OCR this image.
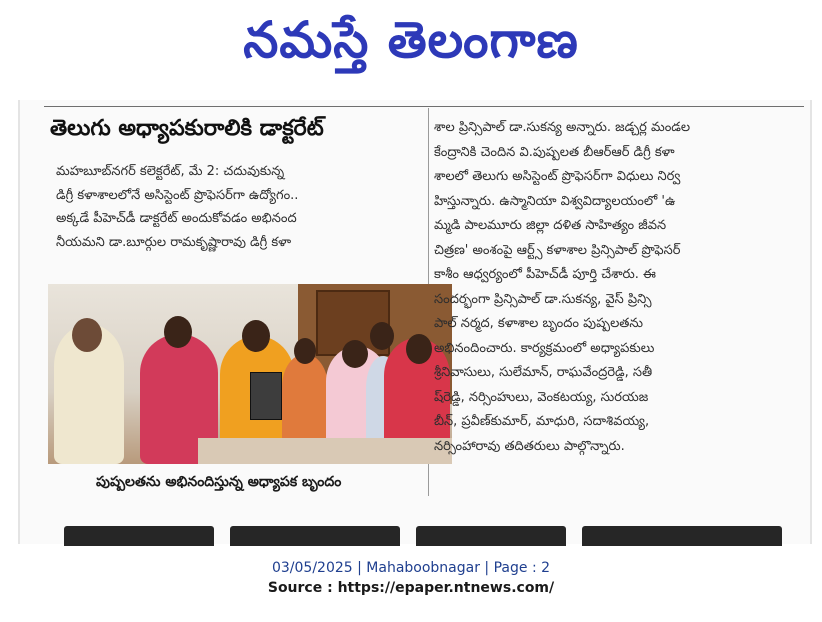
నమస్తే తెలంగాణ
తెలుగు అధ్యాపకురాలికి డాక్టరేట్

మహబూబ్‌నగర్ కలెక్టరేట్, మే 2: చదువుకున్న

డిగ్రీ కళాశాలలోనే అసిస్టెంట్ ప్రొఫెసర్‌గా ఉద్యోగం..

అక్కడే పీహెచ్‌డీ డాక్టరేట్ అందుకోవడం అభినంద

నీయమని డా.బూర్గుల రామకృష్ణారావు డిగ్రీ కళా

పుష్పలతను అభినందిస్తున్న అధ్యాపక బృందం

శాల ప్రిన్సిపాల్ డా.సుకన్య అన్నారు. జడ్చర్ల మండల

కేంద్రానికి చెందిన వి.పుష్పలత బీఆర్‌ఆర్ డిగ్రీ కళా

శాలలో తెలుగు అసిస్టెంట్ ప్రొఫెసర్‌గా విధులు నిర్వ

హిస్తున్నారు. ఉస్మానియా విశ్వవిద్యాలయంలో 'ఉ

మ్మడి పాలమూరు జిల్లా దళిత సాహిత్యం జీవన

చిత్రణ' అంశంపై ఆర్ట్స్ కళాశాల ప్రిన్సిపాల్ ప్రొఫెసర్

కాశీం ఆధ్వర్యంలో పీహెచ్‌డీ పూర్తి చేశారు. ఈ

సందర్భంగా ప్రిన్సిపాల్ డా.సుకన్య, వైస్ ప్రిన్సి

పాల్ నర్మద, కళాశాల బృందం పుష్పలతను

అభినందించారు. కార్యక్రమంలో అధ్యాపకులు

శ్రీనివాసులు, సులేమాన్, రాఘవేంద్రరెడ్డి, సతీ

ష్‌రెడ్డి, నర్సింహులు, వెంకటయ్య, సురయజ

బీన్, ప్రవీణ్‌కుమార్, మాధురి, సదాశివయ్య,

నర్సింహారావు తదితరులు పాల్గొన్నారు.

03/05/2025 | Mahaboobnagar | Page : 2
Source : https://epaper.ntnews.com/
